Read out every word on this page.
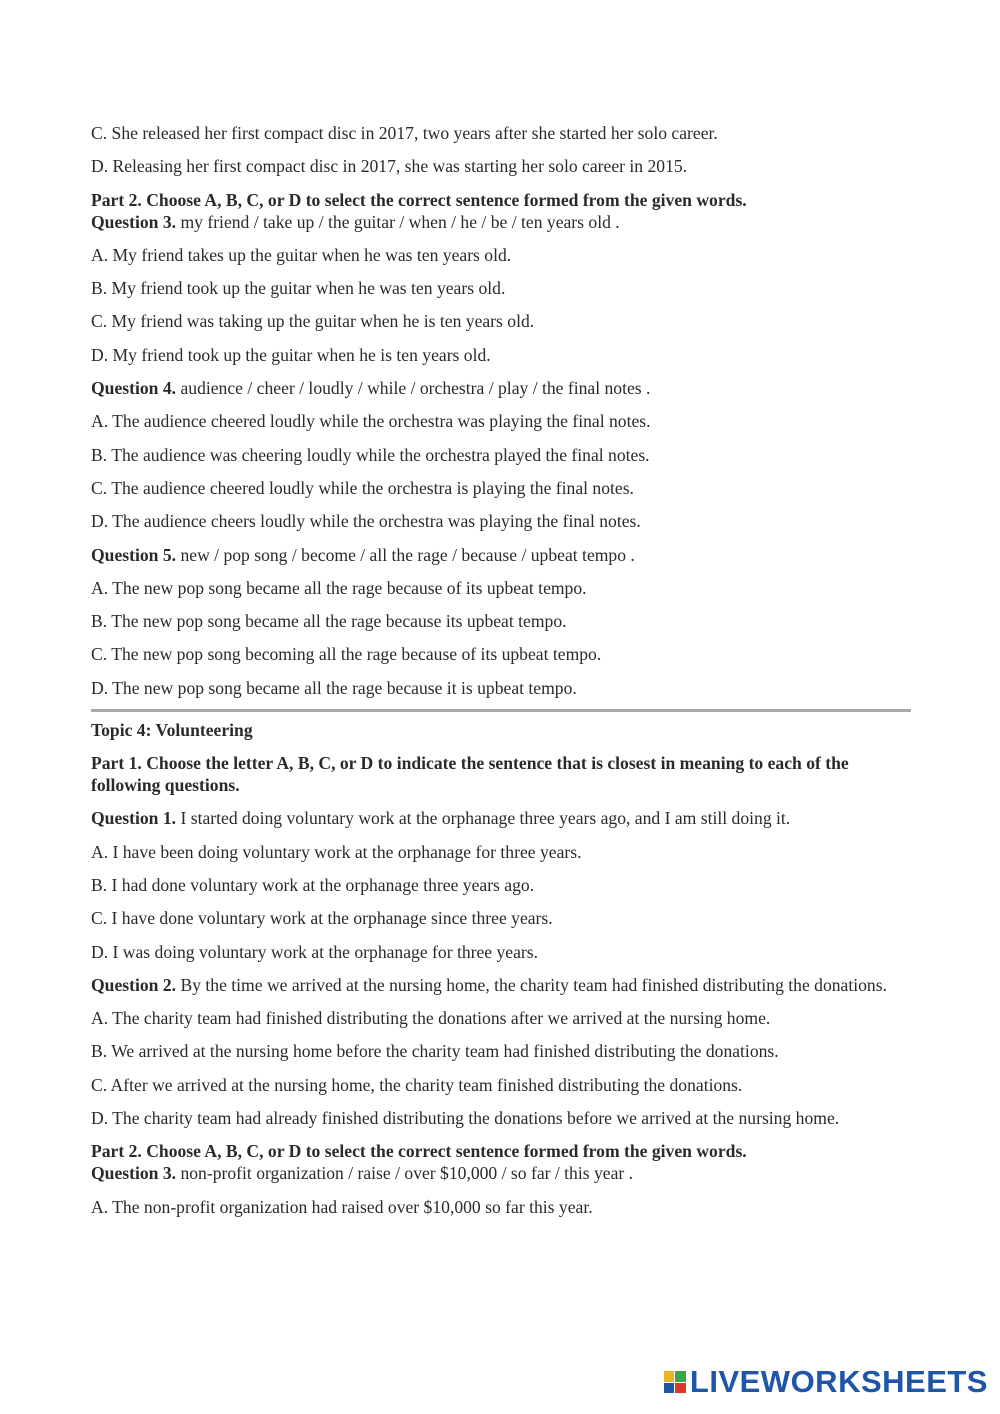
C. She released her first compact disc in 2017, two years after she started her solo career.

D. Releasing her first compact disc in 2017, she was starting her solo career in 2015.

Part 2. Choose A, B, C, or D to select the correct sentence formed from the given words.

Question 3. my friend / take up / the guitar / when / he / be / ten years old .

A. My friend takes up the guitar when he was ten years old.

B. My friend took up the guitar when he was ten years old.

C. My friend was taking up the guitar when he is ten years old.

D. My friend took up the guitar when he is ten years old.

Question 4. audience / cheer / loudly / while / orchestra / play / the final notes .

A. The audience cheered loudly while the orchestra was playing the final notes.

B. The audience was cheering loudly while the orchestra played the final notes.

C. The audience cheered loudly while the orchestra is playing the final notes.

D. The audience cheers loudly while the orchestra was playing the final notes.

Question 5. new / pop song / become / all the rage / because / upbeat tempo .

A. The new pop song became all the rage because of its upbeat tempo.

B. The new pop song became all the rage because its upbeat tempo.

C. The new pop song becoming all the rage because of its upbeat tempo.

D. The new pop song became all the rage because it is upbeat tempo.

Topic 4: Volunteering

Part 1. Choose the letter A, B, C, or D to indicate the sentence that is closest in meaning to each of the following questions.

Question 1. I started doing voluntary work at the orphanage three years ago, and I am still doing it.

A. I have been doing voluntary work at the orphanage for three years.

B. I had done voluntary work at the orphanage three years ago.

C. I have done voluntary work at the orphanage since three years.

D. I was doing voluntary work at the orphanage for three years.

Question 2. By the time we arrived at the nursing home, the charity team had finished distributing the donations.

A. The charity team had finished distributing the donations after we arrived at the nursing home.

B. We arrived at the nursing home before the charity team had finished distributing the donations.

C. After we arrived at the nursing home, the charity team finished distributing the donations.

D. The charity team had already finished distributing the donations before we arrived at the nursing home.

Part 2. Choose A, B, C, or D to select the correct sentence formed from the given words.

Question 3. non-profit organization / raise / over $10,000 / so far / this year .

A. The non-profit organization had raised over $10,000 so far this year.

LIVEWORKSHEETS
